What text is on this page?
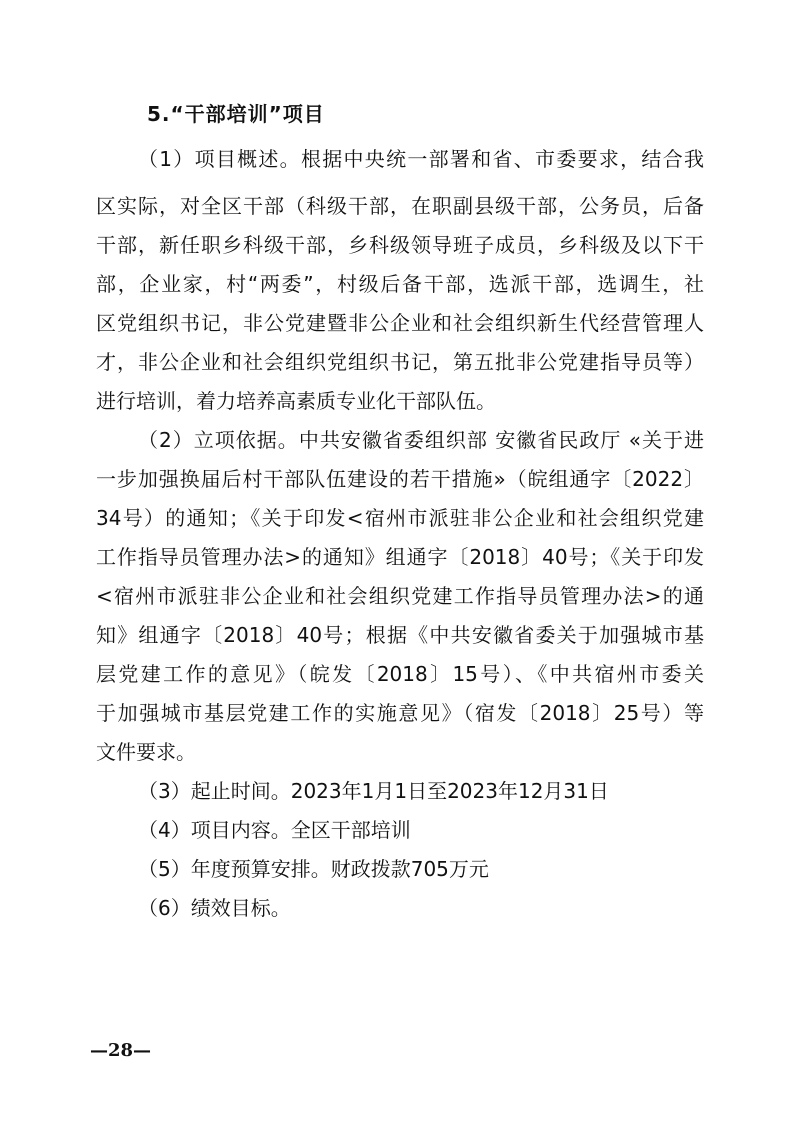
5.“干部培训”项目
（1）项目概述。根据中央统一部署和省、市委要求，结合我
区实际，对全区干部（科级干部，在职副县级干部，公务员，后备
干部，新任职乡科级干部，乡科级领导班子成员，乡科级及以下干
部，企业家，村“两委”，村级后备干部，选派干部，选调生，社
区党组织书记，非公党建暨非公企业和社会组织新生代经营管理人
才，非公企业和社会组织党组织书记，第五批非公党建指导员等）
进行培训，着力培养高素质专业化干部队伍。
（2）立项依据。中共安徽省委组织部 安徽省民政厅 «关于进
一步加强换届后村干部队伍建设的若干措施»（皖组通字〔2022〕
34号）的通知；《关于印发<宿州市派驻非公企业和社会组织党建
工作指导员管理办法>的通知》组通字〔2018〕40号；《关于印发
<宿州市派驻非公企业和社会组织党建工作指导员管理办法>的通
知》组通字〔2018〕40号；根据《中共安徽省委关于加强城市基
层党建工作的意见》（皖发〔2018〕15号）、《中共宿州市委关
于加强城市基层党建工作的实施意见》（宿发〔2018〕25号）等
文件要求。
（3）起止时间。2023年1月1日至2023年12月31日
（4）项目内容。全区干部培训
（5）年度预算安排。财政拨款705万元
（6）绩效目标。
—28—
